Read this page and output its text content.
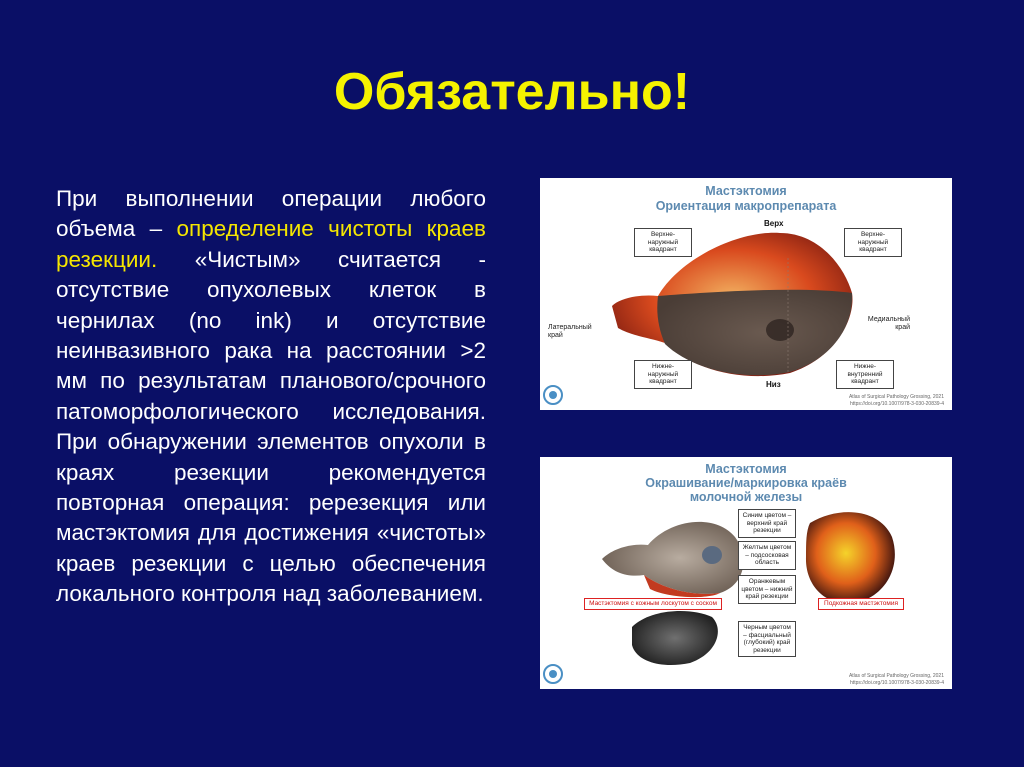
Обязательно!
При выполнении операции любого объема – определение чистоты краев резекции. «Чистым» считается - отсутствие опухолевых клеток в чернилах (no ink) и отсутствие неинвазивного рака на расстоянии >2 мм по результатам планового/срочного патоморфологического исследования. При обнаружении элементов опухоли в краях резекции рекомендуется повторная операция: ререзекция или мастэктомия для достижения «чистоты» краев резекции с целью обеспечения локального контроля над заболеванием.
Мастэктомия
Ориентация макропрепарата
Верх
Низ
Верхне-наружный квадрант
Верхне-наружный квадрант
Латеральный край
Медиальный край
Нижне-наружный квадрант
Нижне-внутренний квадрант
Atlas of Surgical Pathology Grossing, 2021
https://doi.org/10.1007/978-3-030-20839-4
Мастэктомия
Окрашивание/маркировка краёв
молочной железы
Синим цветом – верхний край резекции
Желтым цветом – подсосковая область
Оранжевым цветом – нижний край резекции
Мастэктомия с кожным лоскутом с соском	Подкожная мастэктомия
Черным цветом – фасциальный (глубокий) край резекции
Atlas of Surgical Pathology Grossing, 2021
https://doi.org/10.1007/978-3-030-20839-4
